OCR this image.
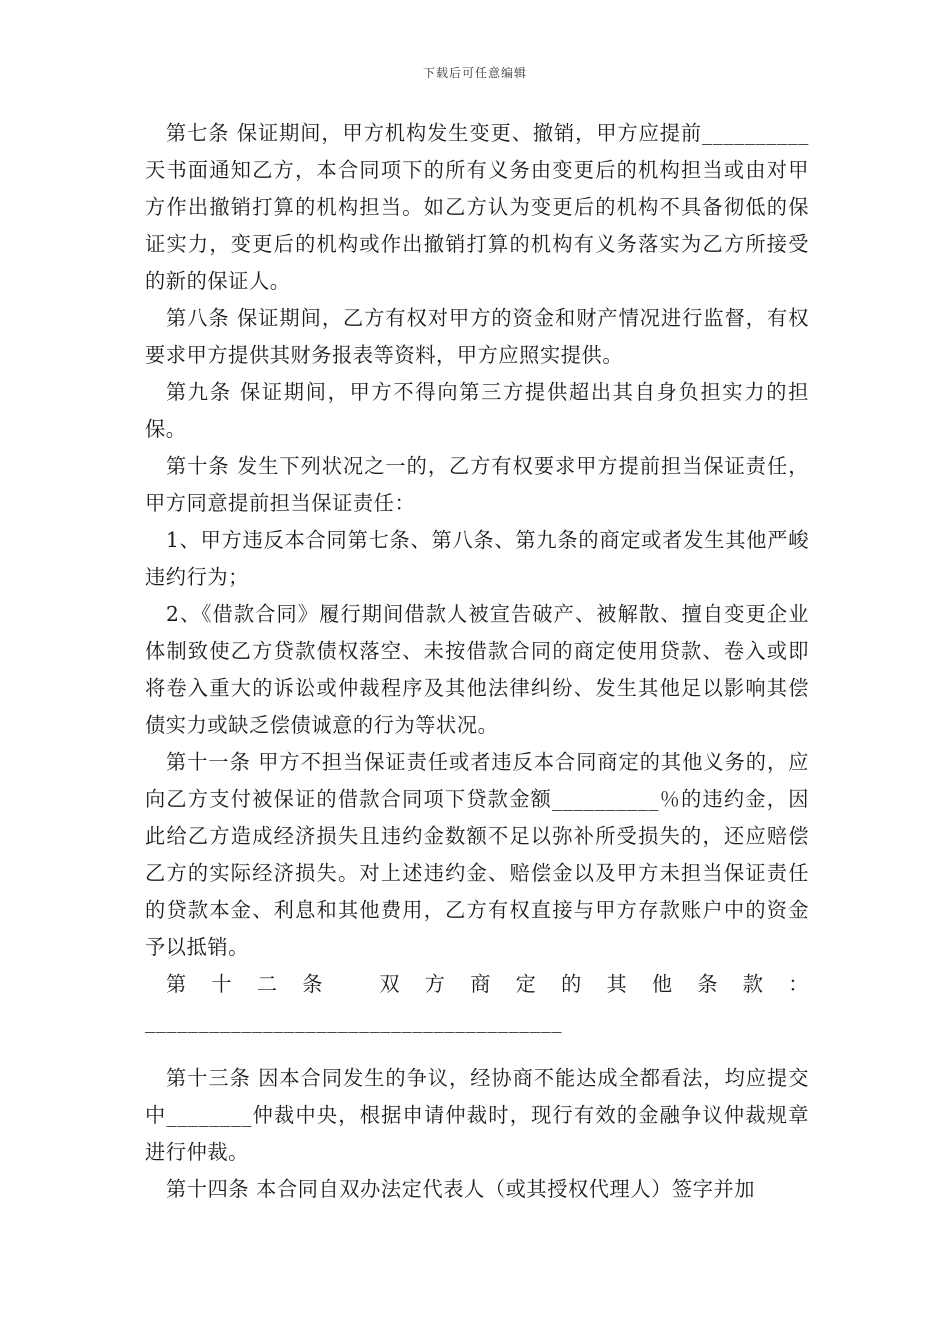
下载后可任意编辑

第七条 保证期间，甲方机构发生变更、撤销，甲方应提前__________天书面通知乙方，本合同项下的所有义务由变更后的机构担当或由对甲方作出撤销打算的机构担当。如乙方认为变更后的机构不具备彻低的保证实力，变更后的机构或作出撤销打算的机构有义务落实为乙方所接受的新的保证人。

第八条 保证期间，乙方有权对甲方的资金和财产情况进行监督，有权要求甲方提供其财务报表等资料，甲方应照实提供。

第九条 保证期间，甲方不得向第三方提供超出其自身负担实力的担保。

第十条 发生下列状况之一的，乙方有权要求甲方提前担当保证责任，甲方同意提前担当保证责任：

1、甲方违反本合同第七条、第八条、第九条的商定或者发生其他严峻违约行为；

2、《借款合同》履行期间借款人被宣告破产、被解散、擅自变更企业体制致使乙方贷款债权落空、未按借款合同的商定使用贷款、卷入或即将卷入重大的诉讼或仲裁程序及其他法律纠纷、发生其他足以影响其偿债实力或缺乏偿债诚意的行为等状况。

第十一条 甲方不担当保证责任或者违反本合同商定的其他义务的，应向乙方支付被保证的借款合同项下贷款金额__________％的违约金，因此给乙方造成经济损失且违约金数额不足以弥补所受损失的，还应赔偿乙方的实际经济损失。对上述违约金、赔偿金以及甲方未担当保证责任的贷款本金、利息和其他费用，乙方有权直接与甲方存款账户中的资金予以抵销。

第十二条 双方商定的其他条款：_______________________________________

第十三条 因本合同发生的争议，经协商不能达成全都看法，均应提交中________仲裁中央，根据申请仲裁时，现行有效的金融争议仲裁规章进行仲裁。

第十四条 本合同自双办法定代表人（或其授权代理人）签字并加
